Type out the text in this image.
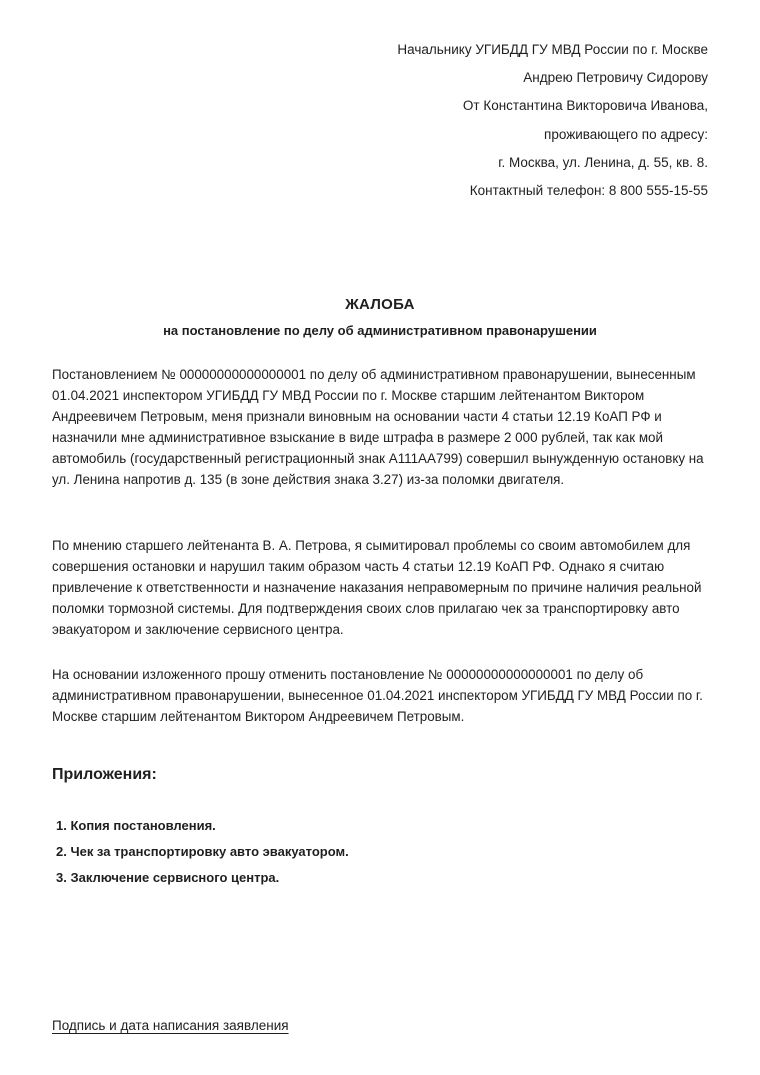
Начальнику УГИБДД ГУ МВД России по г. Москве
Андрею Петровичу Сидорову
От Константина Викторовича Иванова,
проживающего по адресу:
г. Москва, ул. Ленина, д. 55, кв. 8.
Контактный телефон: 8 800 555-15-55
ЖАЛОБА
на постановление по делу об административном правонарушении

Постановлением № 00000000000000001 по делу об административном правонарушении, вынесенным 01.04.2021 инспектором УГИБДД ГУ МВД России по г. Москве старшим лейтенантом Виктором Андреевичем Петровым, меня признали виновным на основании части 4 статьи 12.19 КоАП РФ и назначили мне административное взыскание в виде штрафа в размере 2 000 рублей, так как мой автомобиль (государственный регистрационный знак А111АА799) совершил вынужденную остановку на ул. Ленина напротив д. 135 (в зоне действия знака 3.27) из-за поломки двигателя.

По мнению старшего лейтенанта В. А. Петрова, я сымитировал проблемы со своим автомобилем для совершения остановки и нарушил таким образом часть 4 статьи 12.19 КоАП РФ. Однако я считаю привлечение к ответственности и назначение наказания неправомерным по причине наличия реальной поломки тормозной системы. Для подтверждения своих слов прилагаю чек за транспортировку авто эвакуатором и заключение сервисного центра.

На основании изложенного прошу отменить постановление № 00000000000000001 по делу об административном правонарушении, вынесенное 01.04.2021 инспектором УГИБДД ГУ МВД России по г. Москве старшим лейтенантом Виктором Андреевичем Петровым.

Приложения:
1. Копия постановления.
2. Чек за транспортировку авто эвакуатором.
3. Заключение сервисного центра.
Подпись и дата написания заявления
